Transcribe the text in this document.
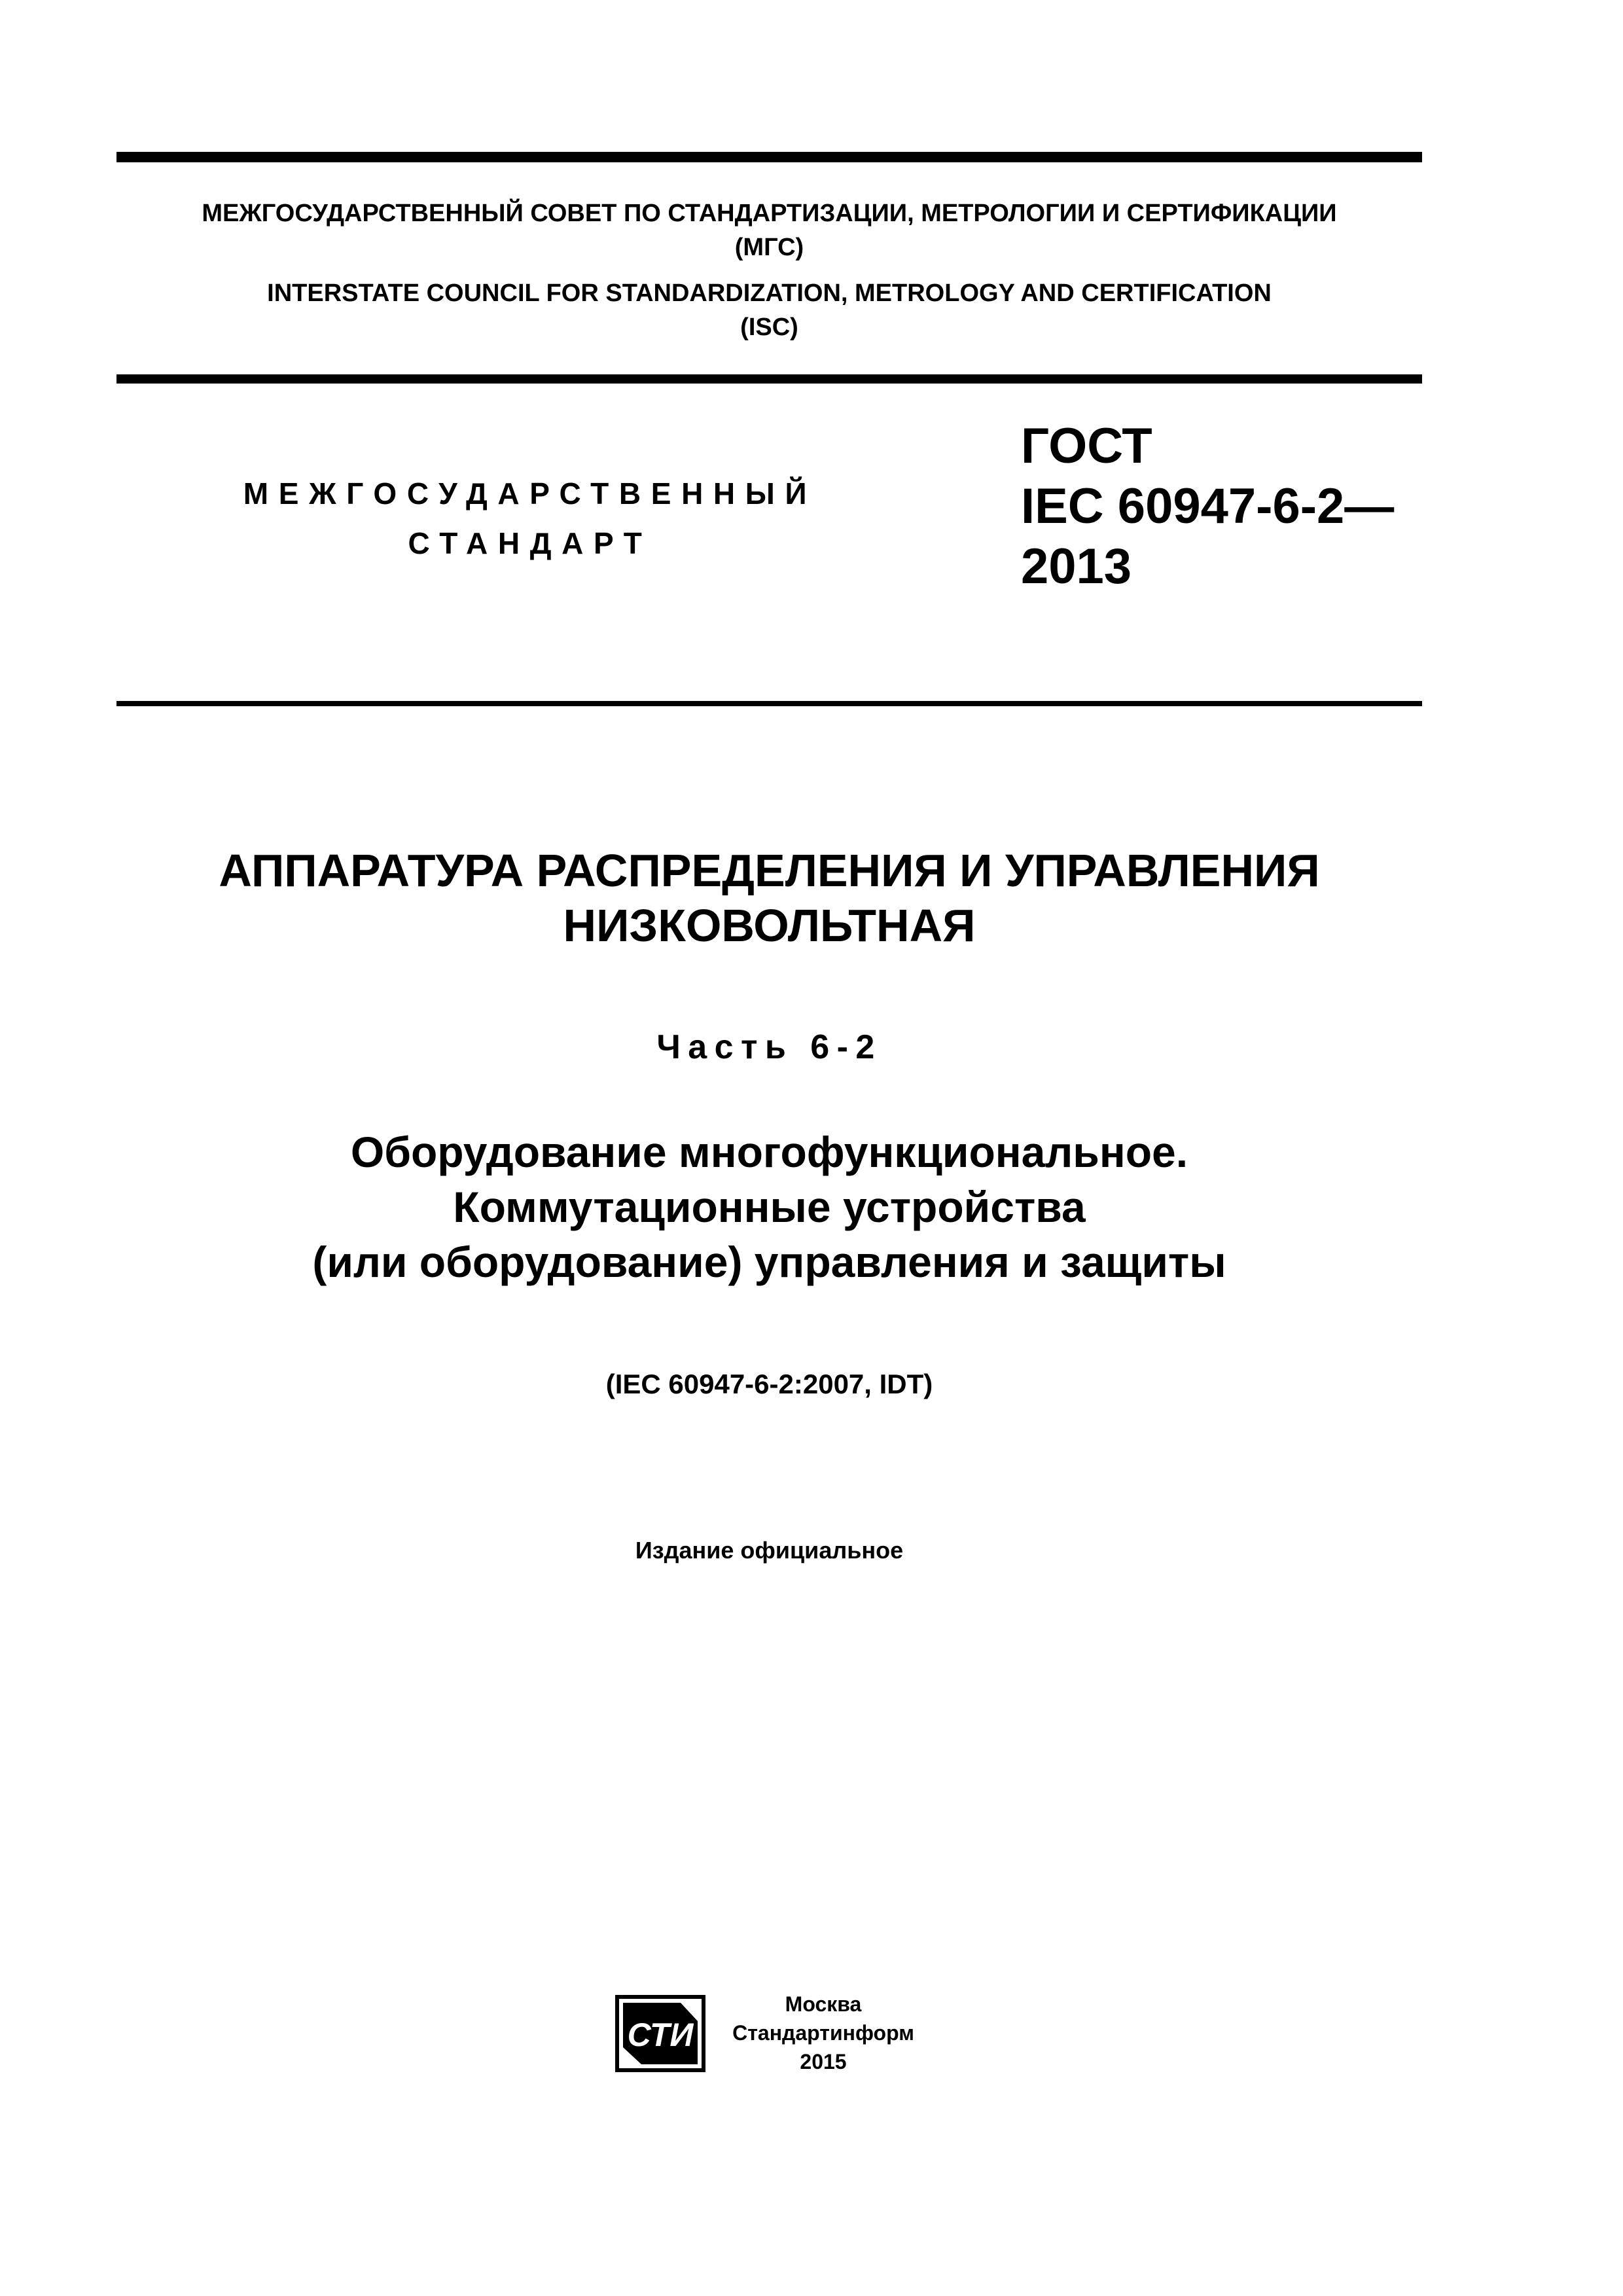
МЕЖГОСУДАРСТВЕННЫЙ СОВЕТ ПО СТАНДАРТИЗАЦИИ, МЕТРОЛОГИИ И СЕРТИФИКАЦИИ
(МГС)
INTERSTATE COUNCIL FOR STANDARDIZATION, METROLOGY AND CERTIFICATION
(ISC)
МЕЖГОСУДАРСТВЕННЫЙ
СТАНДАРТ
ГОСТ
IEC 60947-6-2—
2013
АППАРАТУРА РАСПРЕДЕЛЕНИЯ И УПРАВЛЕНИЯ
НИЗКОВОЛЬТНАЯ
Часть 6-2
Оборудование многофункциональное.
Коммутационные устройства
(или оборудование) управления и защиты
(IEC 60947-6-2:2007, IDT)
Издание официальное
СТИ
Москва
Стандартинформ
2015
